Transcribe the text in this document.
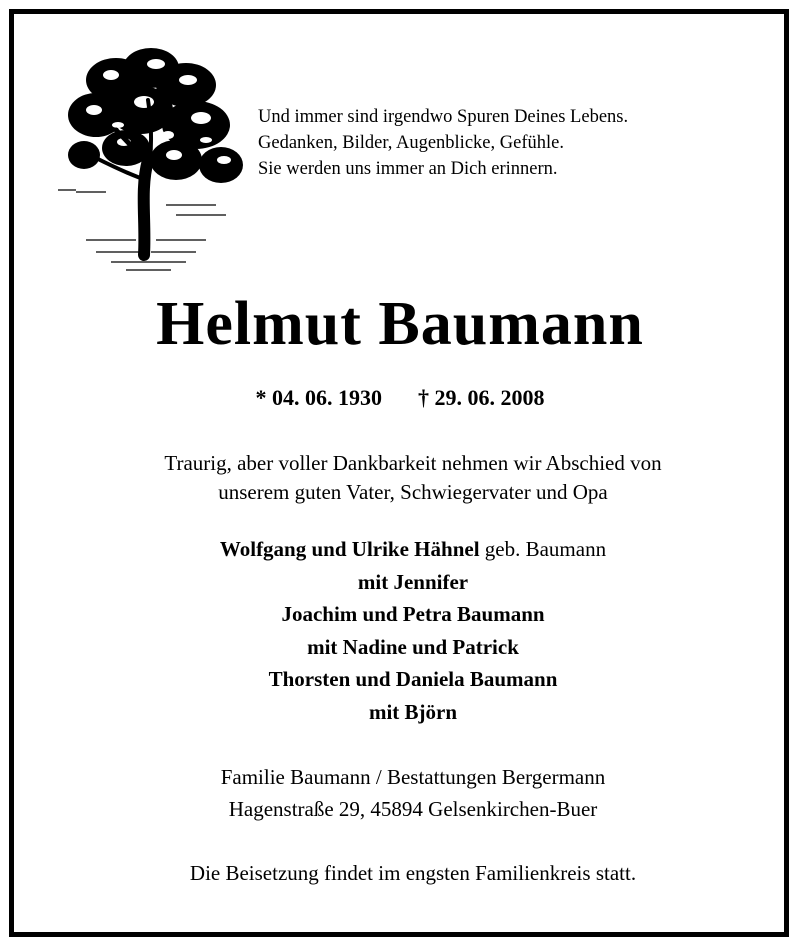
Und immer sind irgendwo Spuren Deines Lebens.
Gedanken, Bilder, Augenblicke, Gefühle.
Sie werden uns immer an Dich erinnern.
Helmut Baumann
* 04. 06. 1930 † 29. 06. 2008
Traurig, aber voller Dankbarkeit nehmen wir Abschied von
unserem guten Vater, Schwiegervater und Opa
Wolfgang und Ulrike Hähnel geb. Baumann
mit Jennifer
Joachim und Petra Baumann
mit Nadine und Patrick
Thorsten und Daniela Baumann
mit Björn
Familie Baumann / Bestattungen Bergermann
Hagenstraße 29, 45894 Gelsenkirchen-Buer
Die Beisetzung findet im engsten Familienkreis statt.
